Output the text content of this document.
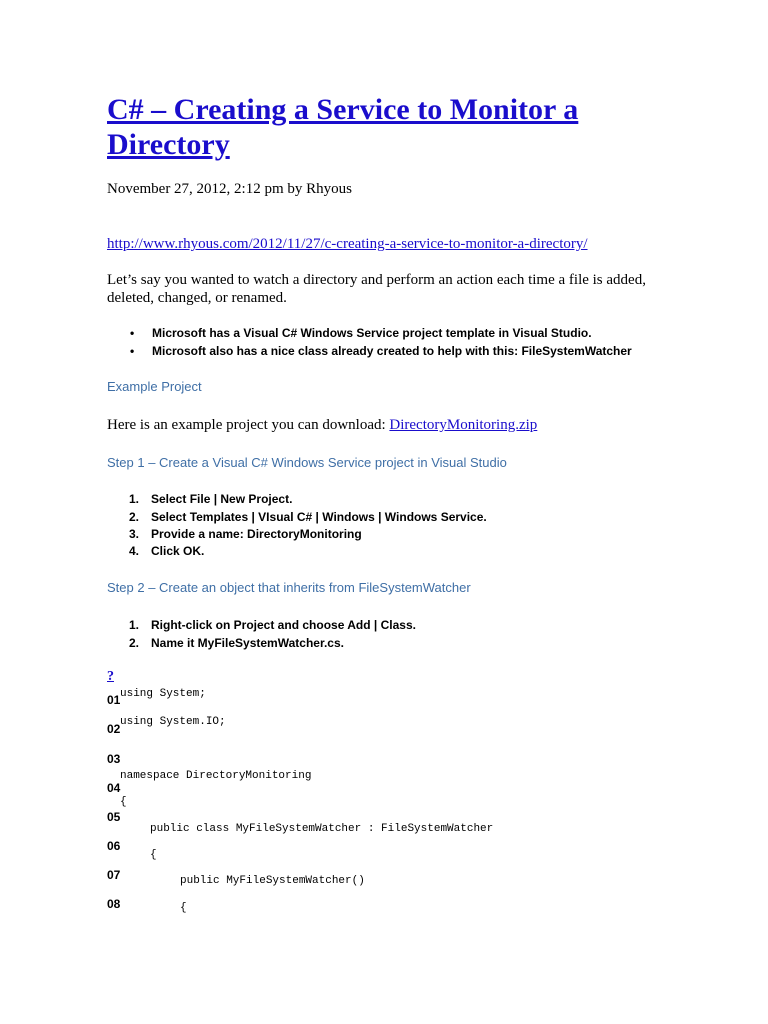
C# – Creating a Service to Monitor a Directory
November 27, 2012, 2:12 pm by Rhyous
http://www.rhyous.com/2012/11/27/c-creating-a-service-to-monitor-a-directory/
Let’s say you wanted to watch a directory and perform an action each time a file is added, deleted, changed, or renamed.
• Microsoft has a Visual C# Windows Service project template in Visual Studio.
• Microsoft also has a nice class already created to help with this: FileSystemWatcher
Example Project
Here is an example project you can download: DirectoryMonitoring.zip
Step 1 – Create a Visual C# Windows Service project in Visual Studio
1. Select File | New Project.
2. Select Templates | VIsual C# | Windows | Windows Service.
3. Provide a name: DirectoryMonitoring
4. Click OK.
Step 2 – Create an object that inherits from FileSystemWatcher
1. Right-click on Project and choose Add | Class.
2. Name it MyFileSystemWatcher.cs.
?
01 using System;
02 using System.IO;
03
namespace DirectoryMonitoring
04
{
05
public class MyFileSystemWatcher : FileSystemWatcher
06
{
07	public MyFileSystemWatcher()
08	{
